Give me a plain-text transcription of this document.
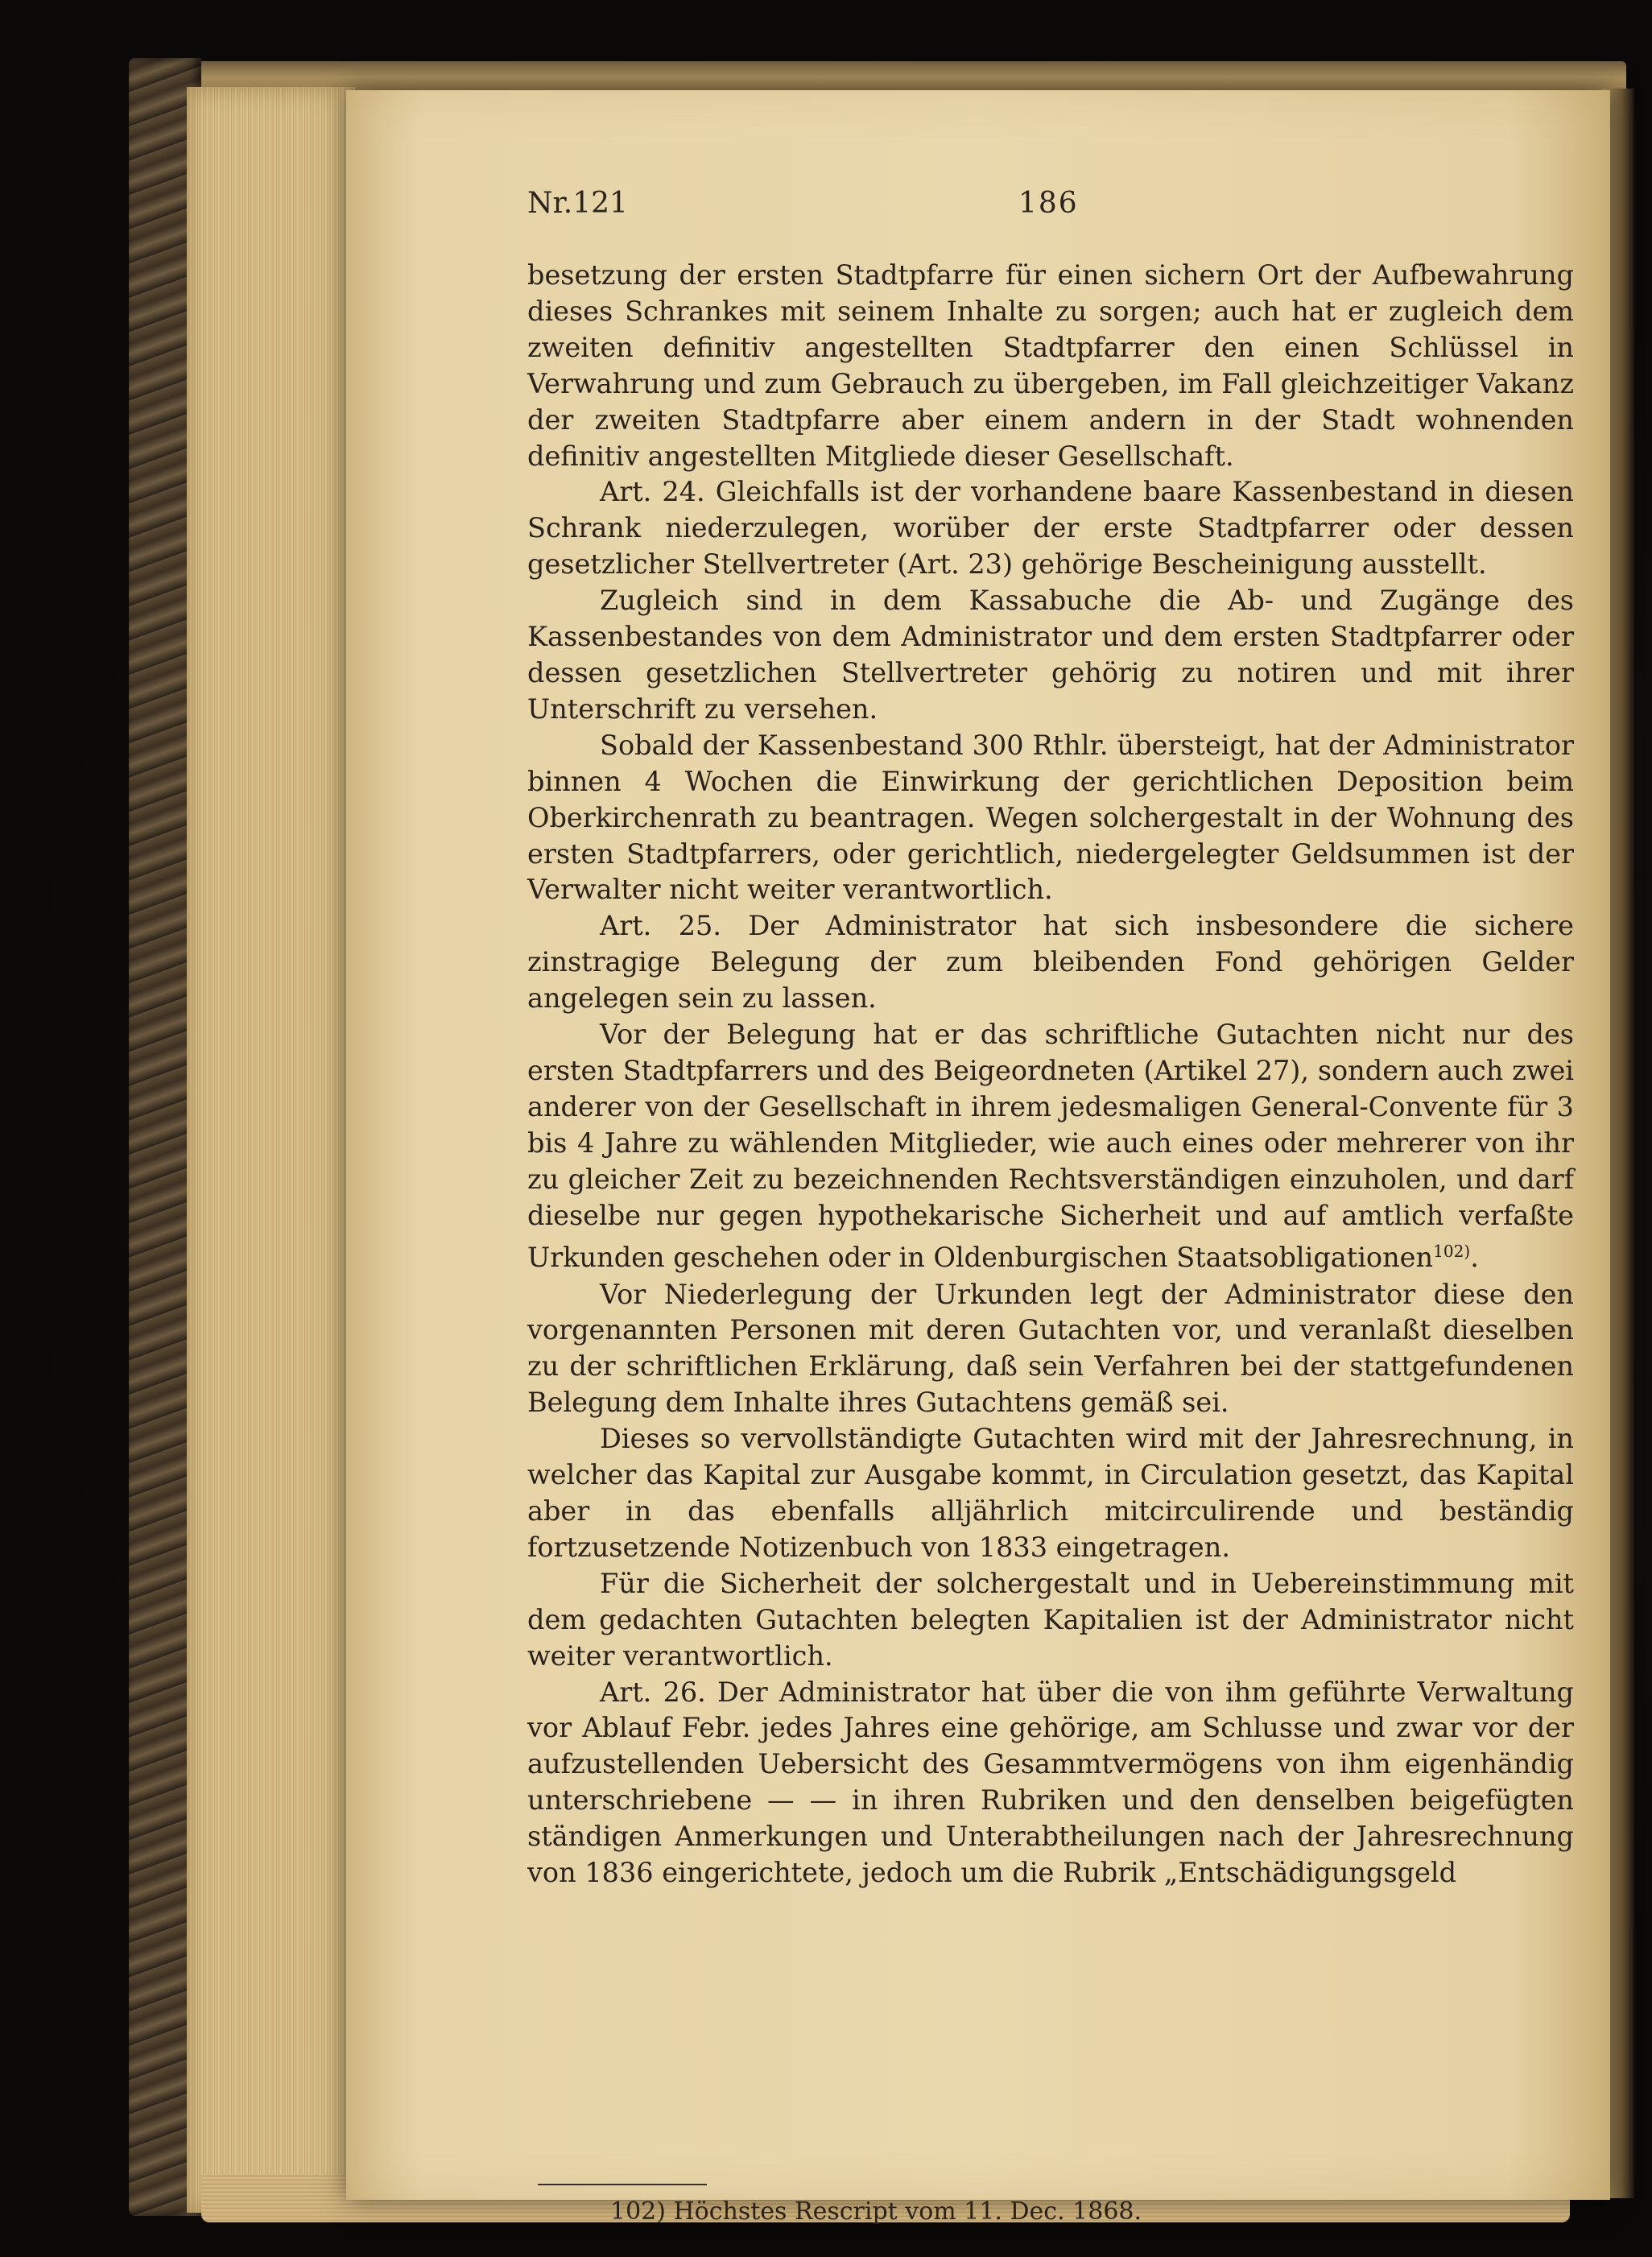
Nr.121	186

besetzung der ersten Stadtpfarre für einen sichern Ort der Aufbewahrung dieses Schrankes mit seinem Inhalte zu sorgen; auch hat er zugleich dem zweiten definitiv angestellten Stadtpfarrer den einen Schlüssel in Verwahrung und zum Gebrauch zu übergeben, im Fall gleichzeitiger Vakanz der zweiten Stadtpfarre aber einem andern in der Stadt wohnenden definitiv angestellten Mitgliede dieser Gesellschaft.

Art. 24. Gleichfalls ist der vorhandene baare Kassenbestand in diesen Schrank niederzulegen, worüber der erste Stadtpfarrer oder dessen gesetzlicher Stellvertreter (Art. 23) gehörige Bescheinigung ausstellt.

Zugleich sind in dem Kassabuche die Ab- und Zugänge des Kassenbestandes von dem Administrator und dem ersten Stadtpfarrer oder dessen gesetzlichen Stellvertreter gehörig zu notiren und mit ihrer Unterschrift zu versehen.

Sobald der Kassenbestand 300 Rthlr. übersteigt, hat der Administrator binnen 4 Wochen die Einwirkung der gerichtlichen Deposition beim Oberkirchenrath zu beantragen. Wegen solchergestalt in der Wohnung des ersten Stadtpfarrers, oder gerichtlich, niedergelegter Geldsummen ist der Verwalter nicht weiter verantwortlich.

Art. 25. Der Administrator hat sich insbesondere die sichere zinstragige Belegung der zum bleibenden Fond gehörigen Gelder angelegen sein zu lassen.

Vor der Belegung hat er das schriftliche Gutachten nicht nur des ersten Stadtpfarrers und des Beigeordneten (Artikel 27), sondern auch zwei anderer von der Gesellschaft in ihrem jedesmaligen General-Convente für 3 bis 4 Jahre zu wählenden Mitglieder, wie auch eines oder mehrerer von ihr zu gleicher Zeit zu bezeichnenden Rechtsverständigen einzuholen, und darf dieselbe nur gegen hypothekarische Sicherheit und auf amtlich verfaßte Urkunden geschehen oder in Oldenburgischen Staatsobligationen$^{102)}$.

Vor Niederlegung der Urkunden legt der Administrator diese den vorgenannten Personen mit deren Gutachten vor, und veranlaßt dieselben zu der schriftlichen Erklärung, daß sein Verfahren bei der stattgefundenen Belegung dem Inhalte ihres Gutachtens gemäß sei.

Dieses so vervollständigte Gutachten wird mit der Jahresrechnung, in welcher das Kapital zur Ausgabe kommt, in Circulation gesetzt, das Kapital aber in das ebenfalls alljährlich mitcirculirende und beständig fortzusetzende Notizenbuch von 1833 eingetragen.

Für die Sicherheit der solchergestalt und in Uebereinstimmung mit dem gedachten Gutachten belegten Kapitalien ist der Administrator nicht weiter verantwortlich.

Art. 26. Der Administrator hat über die von ihm geführte Verwaltung vor Ablauf Febr. jedes Jahres eine gehörige, am Schlusse und zwar vor der aufzustellenden Uebersicht des Gesammtvermögens von ihm eigenhändig unterschriebene — — in ihren Rubriken und den denselben beigefügten ständigen Anmerkungen und Unterabtheilungen nach der Jahresrechnung von 1836 eingerichtete, jedoch um die Rubrik „Entschädigungsgeld

102) Höchstes Rescript vom 11. Dec. 1868.
